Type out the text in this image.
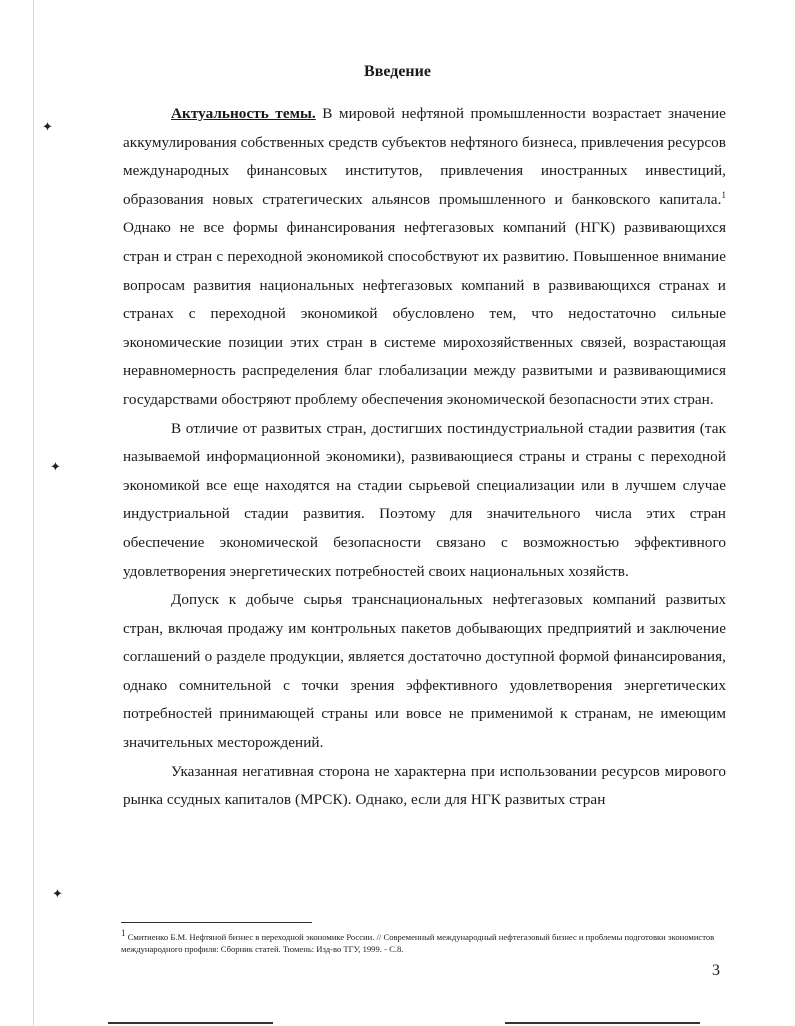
✦
✦
✦
Введение

Актуальность темы. В мировой нефтяной промышленности возрастает значение аккумулирования собственных средств субъектов нефтяного бизнеса, привлечения ресурсов международных финансовых институтов, привлечения иностранных инвестиций, образования новых стратегических альянсов промышленного и банковского капитала.$^1$ Однако не все формы финансирования нефтегазовых компаний (НГК) развивающихся стран и стран с переходной экономикой способствуют их развитию. Повышенное внимание вопросам развития национальных нефтегазовых компаний в развивающихся странах и странах с переходной экономикой обусловлено тем, что недостаточно сильные экономические позиции этих стран в системе мирохозяйственных связей, возрастающая неравномерность распределения благ глобализации между развитыми и развивающимися государствами обостряют проблему обеспечения экономической безопасности этих стран.

В отличие от развитых стран, достигших постиндустриальной стадии развития (так называемой информационной экономики), развивающиеся страны и страны с переходной экономикой все еще находятся на стадии сырьевой специализации или в лучшем случае индустриальной стадии развития. Поэтому для значительного числа этих стран обеспечение экономической безопасности связано с возможностью эффективного удовлетворения энергетических потребностей своих национальных хозяйств.

Допуск к добыче сырья транснациональных нефтегазовых компаний развитых стран, включая продажу им контрольных пакетов добывающих предприятий и заключение соглашений о разделе продукции, является достаточно доступной формой финансирования, однако сомнительной с точки зрения эффективного удовлетворения энергетических потребностей принимающей страны или вовсе не применимой к странам, не имеющим значительных месторождений.

Указанная негативная сторона не характерна при использовании ресурсов мирового рынка ссудных капиталов (МРСК). Однако, если для НГК развитых стран

$^1$ Смитиенко Б.М. Нефтяной бизнес в переходной экономике России. // Современный международный нефтегазовый бизнес и проблемы подготовки экономистов международного профиля: Сборник статей. Тюмень: Изд-во ТГУ, 1999. - С.8.
3
